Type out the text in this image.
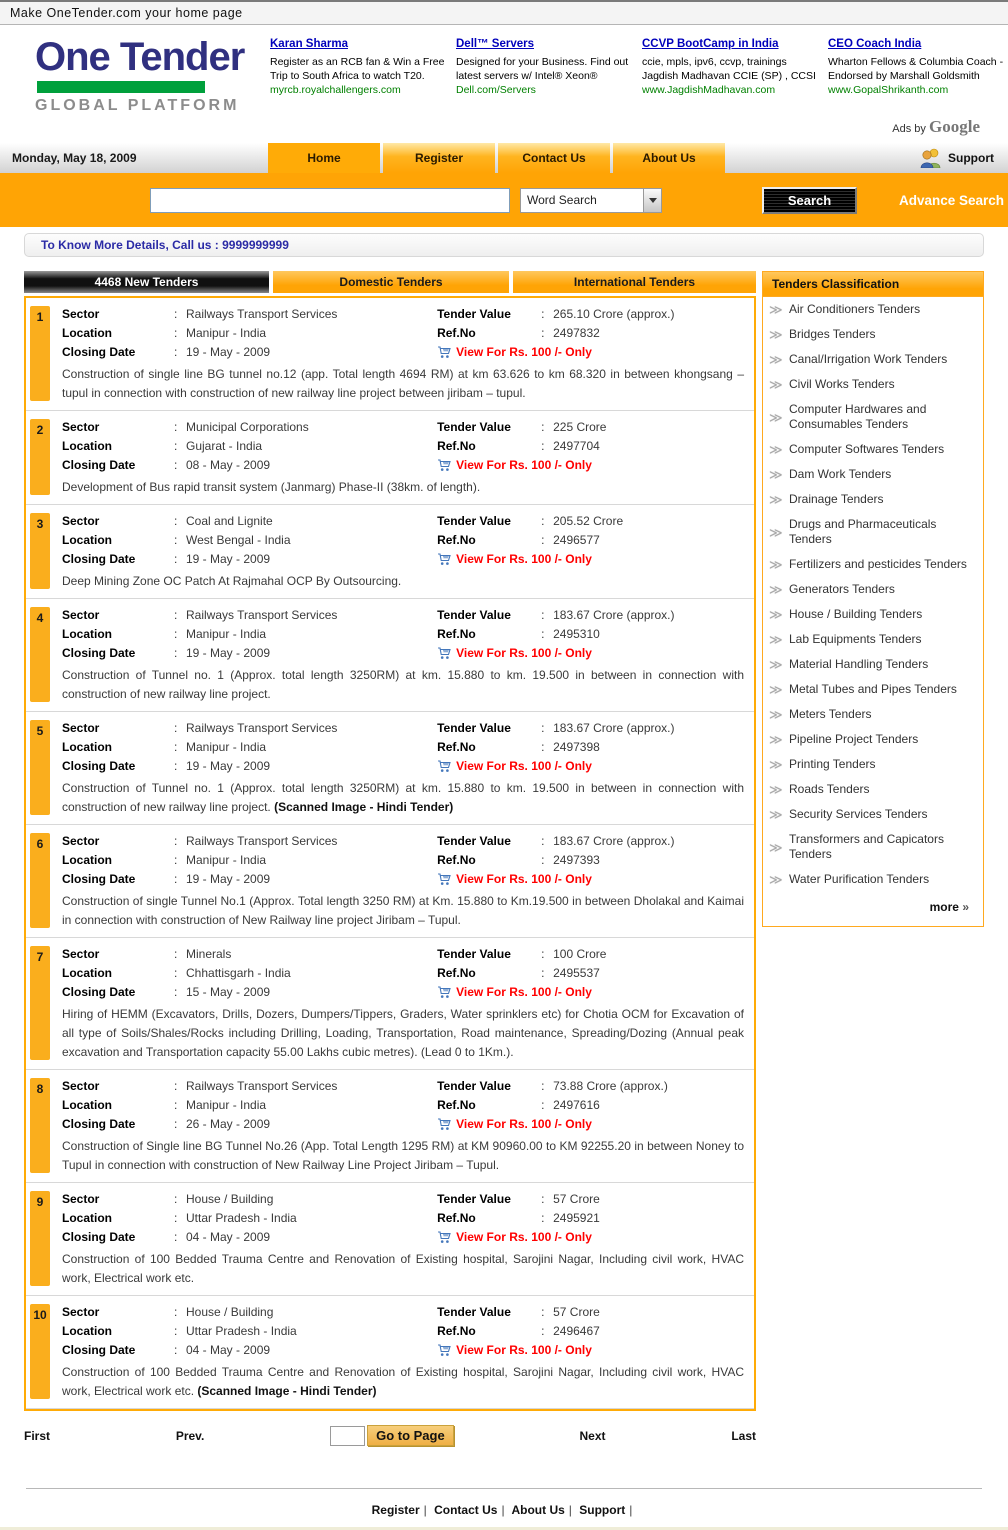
Make OneTender.com your home page
One Tender
GLOBAL PLATFORM
Karan Sharma
Register as an RCB fan & Win a Free Trip to South Africa to watch T20.
myrcb.royalchallengers.com
Dell™ Servers
Designed for your Business. Find out latest servers w/ Intel® Xeon®
Dell.com/Servers
CCVP BootCamp in India
ccie, mpls, ipv6, ccvp, trainings Jagdish Madhavan CCIE (SP) , CCSI
www.JagdishMadhavan.com
CEO Coach India
Wharton Fellows & Columbia Coach - Endorsed by Marshall Goldsmith
www.GopalShrikanth.com
Ads by Google
Monday, May 18, 2009	Home	Register	Contact Us	About Us	Support
Word Search	Search	Advance Search
To Know More Details, Call us : 9999999999
4468 New Tenders	Domestic Tenders	International Tenders
1	Sector	: Railways Transport Services	Tender Value	: 265.10 Crore (approx.)
Location	: Manipur - India	Ref.No	: 2497832
Closing Date	: 19 - May - 2009	View For Rs. 100 /- Only
Construction of single line BG tunnel no.12 (app. Total length 4694 RM) at km 63.626 to km 68.320 in between khongsang – tupul in connection with construction of new railway line project between jiribam – tupul.
2	Sector	: Municipal Corporations	Tender Value	: 225 Crore
Location	: Gujarat - India	Ref.No	: 2497704
Closing Date	: 08 - May - 2009	View For Rs. 100 /- Only
Development of Bus rapid transit system (Janmarg) Phase-II (38km. of length).
3	Sector	: Coal and Lignite	Tender Value	: 205.52 Crore
Location	: West Bengal - India	Ref.No	: 2496577
Closing Date	: 19 - May - 2009	View For Rs. 100 /- Only
Deep Mining Zone OC Patch At Rajmahal OCP By Outsourcing.
4	Sector	: Railways Transport Services	Tender Value	: 183.67 Crore (approx.)
Location	: Manipur - India	Ref.No	: 2495310
Closing Date	: 19 - May - 2009	View For Rs. 100 /- Only
Construction of Tunnel no. 1 (Approx. total length 3250RM) at km. 15.880 to km. 19.500 in between in connection with construction of new railway line project.
5	Sector	: Railways Transport Services	Tender Value	: 183.67 Crore (approx.)
Location	: Manipur - India	Ref.No	: 2497398
Closing Date	: 19 - May - 2009	View For Rs. 100 /- Only
Construction of Tunnel no. 1 (Approx. total length 3250RM) at km. 15.880 to km. 19.500 in between in connection with construction of new railway line project. (Scanned Image - Hindi Tender)
6	Sector	: Railways Transport Services	Tender Value	: 183.67 Crore (approx.)
Location	: Manipur - India	Ref.No	: 2497393
Closing Date	: 19 - May - 2009	View For Rs. 100 /- Only
Construction of single Tunnel No.1 (Approx. Total length 3250 RM) at Km. 15.880 to Km.19.500 in between Dholakal and Kaimai in connection with construction of New Railway line project Jiribam – Tupul.
7	Sector	: Minerals	Tender Value	: 100 Crore
Location	: Chhattisgarh - India	Ref.No	: 2495537
Closing Date	: 15 - May - 2009	View For Rs. 100 /- Only
Hiring of HEMM (Excavators, Drills, Dozers, Dumpers/Tippers, Graders, Water sprinklers etc) for Chotia OCM for Excavation of all type of Soils/Shales/Rocks including Drilling, Loading, Transportation, Road maintenance, Spreading/Dozing (Annual peak excavation and Transportation capacity 55.00 Lakhs cubic metres). (Lead 0 to 1Km.).
8	Sector	: Railways Transport Services	Tender Value	: 73.88 Crore (approx.)
Location	: Manipur - India	Ref.No	: 2497616
Closing Date	: 26 - May - 2009	View For Rs. 100 /- Only
Construction of Single line BG Tunnel No.26 (App. Total Length 1295 RM) at KM 90960.00 to KM 92255.20 in between Noney to Tupul in connection with construction of New Railway Line Project Jiribam – Tupul.
9	Sector	: House / Building	Tender Value	: 57 Crore
Location	: Uttar Pradesh - India	Ref.No	: 2495921
Closing Date	: 04 - May - 2009	View For Rs. 100 /- Only
Construction of 100 Bedded Trauma Centre and Renovation of Existing hospital, Sarojini Nagar, Including civil work, HVAC work, Electrical work etc.
10 Sector	: House / Building	Tender Value	: 57 Crore
Location	: Uttar Pradesh - India	Ref.No	: 2496467
Closing Date	: 04 - May - 2009	View For Rs. 100 /- Only
Construction of 100 Bedded Trauma Centre and Renovation of Existing hospital, Sarojini Nagar, Including civil work, HVAC work, Electrical work etc. (Scanned Image - Hindi Tender)
First	Prev.	Go to Page	Next	Last
Tenders Classification
≫ Air Conditioners Tenders
≫ Bridges Tenders
≫ Canal/Irrigation Work Tenders
≫ Civil Works Tenders
≫
Computer Hardwares and Consumables Tenders
≫ Computer Softwares Tenders
≫ Dam Work Tenders
≫ Drainage Tenders
≫
Drugs and Pharmaceuticals Tenders
≫ Fertilizers and pesticides Tenders
≫ Generators Tenders
≫ House / Building Tenders
≫ Lab Equipments Tenders
≫ Material Handling Tenders
≫ Metal Tubes and Pipes Tenders
≫ Meters Tenders
≫ Pipeline Project Tenders
≫ Printing Tenders
≫ Roads Tenders
≫ Security Services Tenders
≫
Transformers and Capicators Tenders
≫ Water Purification Tenders
more »
Register | Contact Us | About Us | Support |
